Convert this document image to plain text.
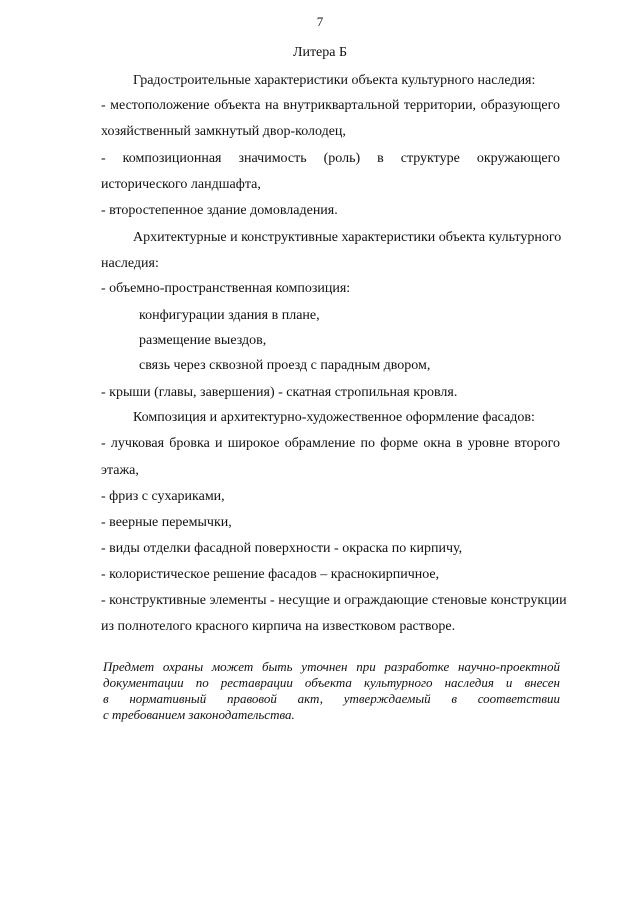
7
Литера Б
Градостроительные характеристики объекта культурного наследия:
- местоположение объекта на внутриквартальной территории, образующего
хозяйственный замкнутый двор-колодец,
- композиционная значимость (роль) в структуре окружающего
исторического ландшафта,
- второстепенное здание домовладения.
Архитектурные и конструктивные характеристики объекта культурного
наследия:
- объемно-пространственная композиция:
конфигурации здания в плане,
размещение выездов,
связь через сквозной проезд с парадным двором,
- крыши (главы, завершения) - скатная стропильная кровля.
Композиция и архитектурно-художественное оформление фасадов:
- лучковая бровка и широкое обрамление по форме окна в уровне второго
этажа,
- фриз с сухариками,
- веерные перемычки,
- виды отделки фасадной поверхности - окраска по кирпичу,
- колористическое решение фасадов – краснокирпичное,
- конструктивные элементы - несущие и ограждающие стеновые конструкции
из полнотелого красного кирпича на известковом растворе.
Предмет охраны может быть уточнен при разработке научно-проектной
документации по реставрации объекта культурного наследия и внесен
в нормативный правовой акт, утверждаемый в соответствии
с требованием законодательства.
